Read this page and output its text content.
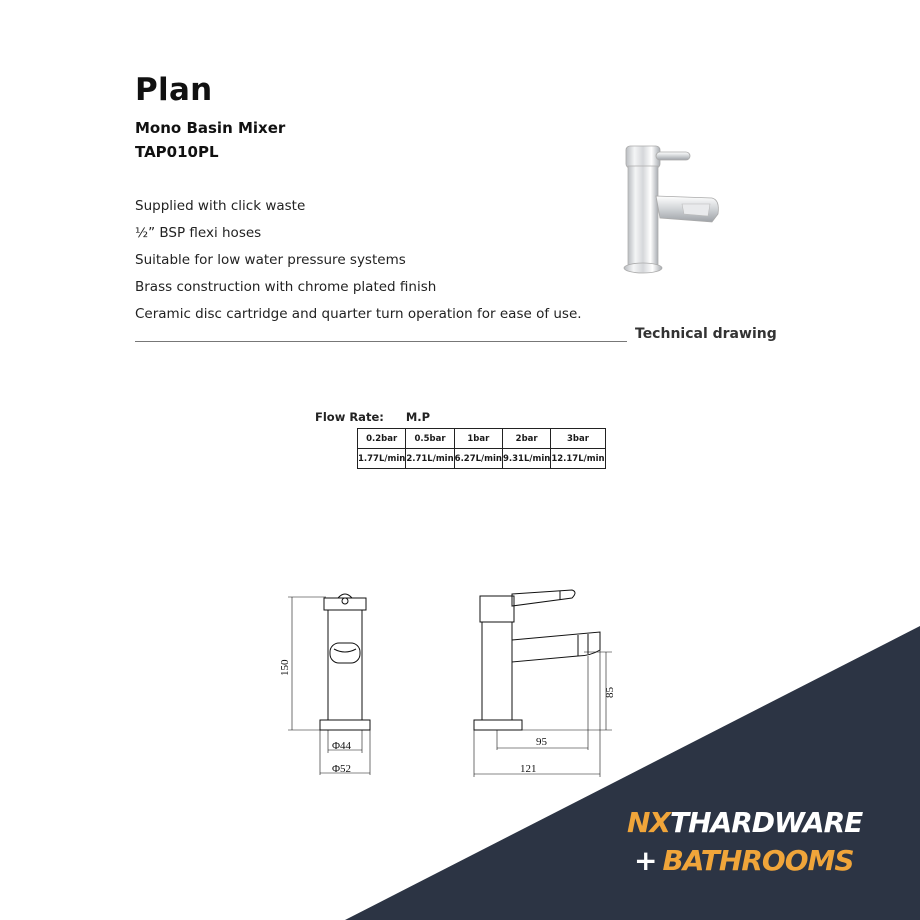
Plan
Mono Basin Mixer
TAP010PL
Supplied with click waste
½” BSP flexi hoses
Suitable for low water pressure systems
Brass construction with chrome plated finish
Ceramic disc cartridge and quarter turn operation for ease of use.
Technical drawing
Flow Rate: M.P
0.2bar	0.5bar	1bar	2bar	3bar
1.77L/min	2.71L/min	6.27L/min	9.31L/min	12.17L/min
150
Φ44
Φ52
85
95
121
NXTHARDWARE
+ BATHROOMS
